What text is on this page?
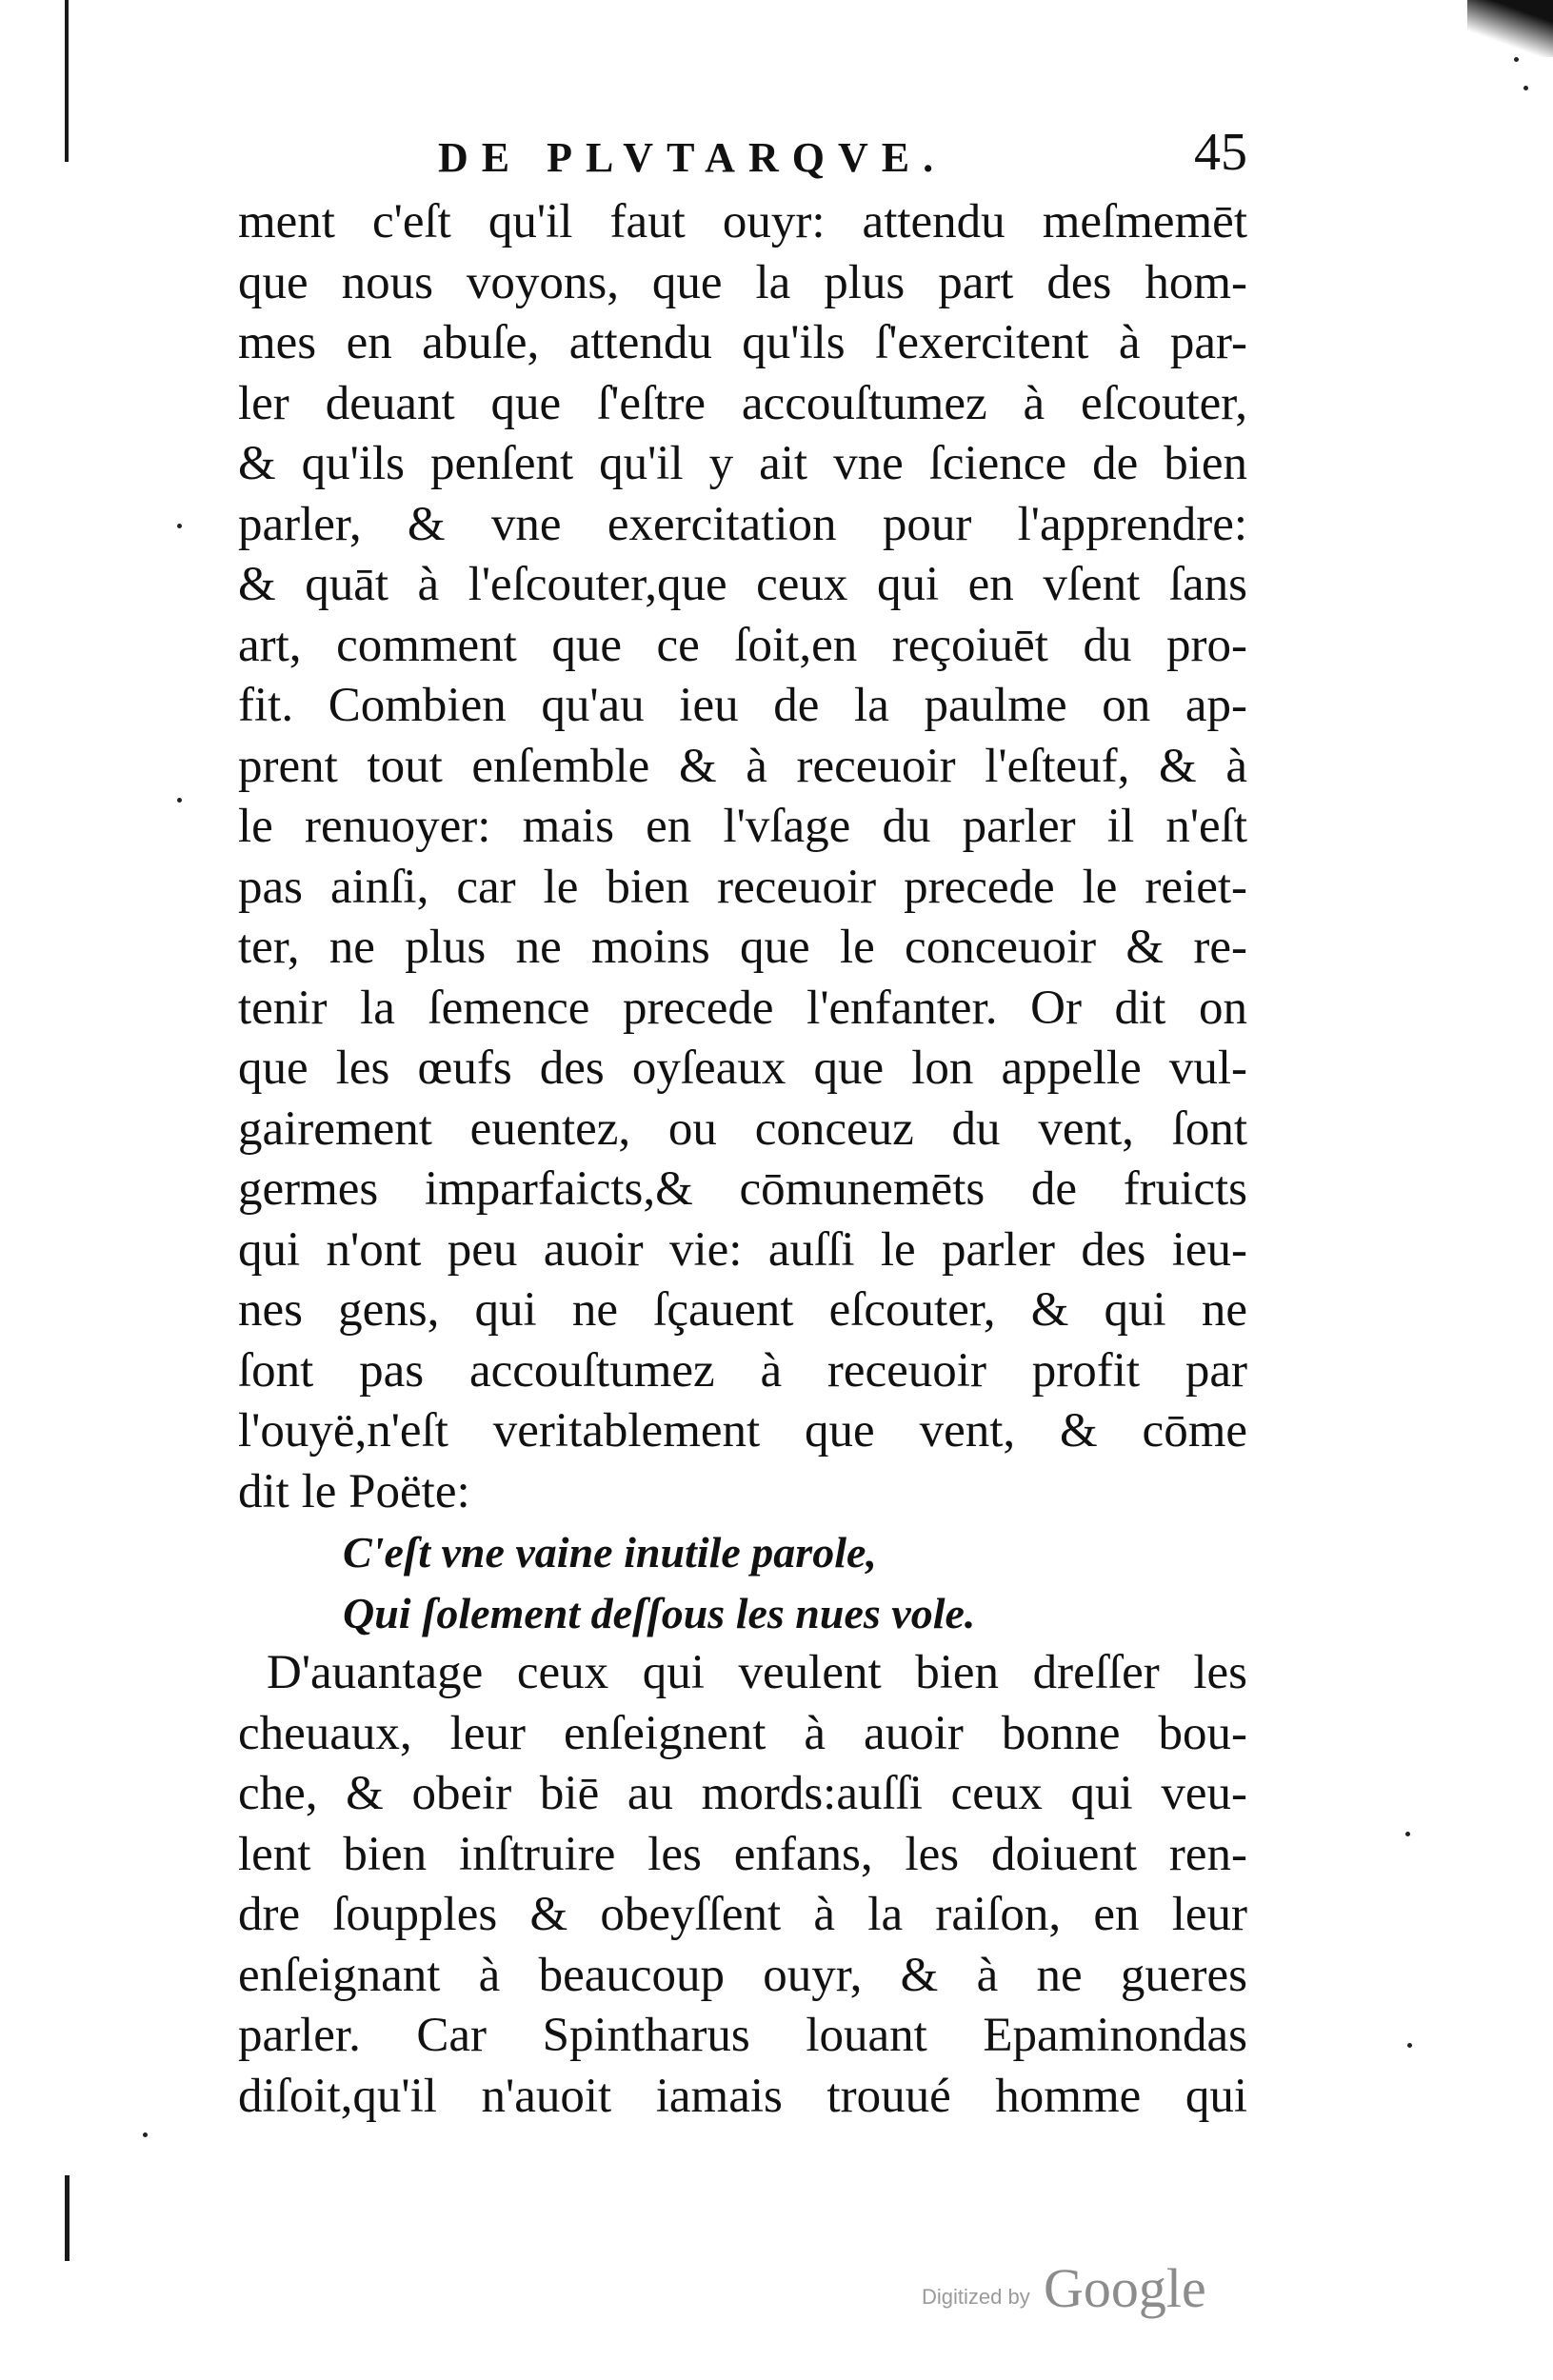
DE PLVTARQVE.	45
ment c'eſt qu'il faut ouyr: attendu meſmemēt
que nous voyons, que la plus part des hom-
mes en abuſe, attendu qu'ils ſ'exercitent à par-
ler deuant que ſ'eſtre accouſtumez à eſcouter,
& qu'ils penſent qu'il y ait vne ſcience de bien
parler, & vne exercitation pour l'apprendre:
& quāt à l'eſcouter,que ceux qui en vſent ſans
art, comment que ce ſoit,en reçoiuēt du pro-
fit. Combien qu'au ieu de la paulme on ap-
prent tout enſemble & à receuoir l'eſteuf, & à
le renuoyer: mais en l'vſage du parler il n'eſt
pas ainſi, car le bien receuoir precede le reiet-
ter, ne plus ne moins que le conceuoir & re-
tenir la ſemence precede l'enfanter. Or dit on
que les œufs des oyſeaux que lon appelle vul-
gairement euentez, ou conceuz du vent, ſont
germes imparfaicts,& cōmunemēts de fruicts
qui n'ont peu auoir vie: auſſi le parler des ieu-
nes gens, qui ne ſçauent eſcouter, & qui ne
ſont pas accouſtumez à receuoir profit par
l'ouyë,n'eſt veritablement que vent, & cōme
dit le Poëte:
C'eſt vne vaine inutile parole,
Qui ſolement deſſous les nues vole.
D'auantage ceux qui veulent bien dreſſer les
cheuaux, leur enſeignent à auoir bonne bou-
che, & obeir biē au mords:auſſi ceux qui veu-
lent bien inſtruire les enfans, les doiuent ren-
dre ſoupples & obeyſſent à la raiſon, en leur
enſeignant à beaucoup ouyr, & à ne gueres
parler. Car Spintharus louant Epaminondas
diſoit,qu'il n'auoit iamais trouué homme qui
Digitized by Google
